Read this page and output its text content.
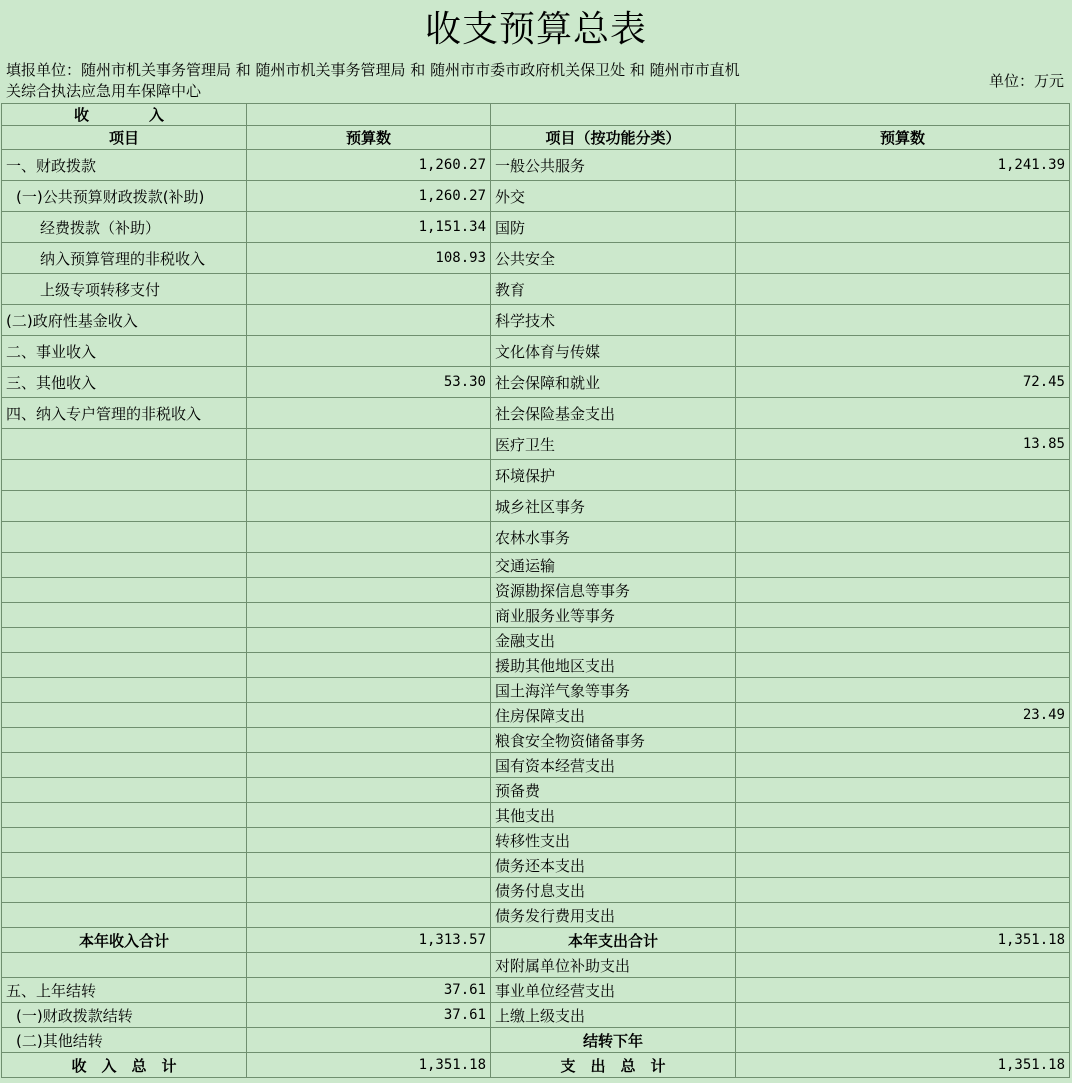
收支预算总表
填报单位：随州市机关事务管理局 和 随州市机关事务管理局 和 随州市市委市政府机关保卫处 和 随州市市直机关综合执法应急用车保障中心
单位：万元
收　　入			
项目	预算数	项目（按功能分类）	预算数
一、财政拨款	1,260.27	一般公共服务	1,241.39
(一)公共预算财政拨款(补助)	1,260.27	外交	
经费拨款（补助）	1,151.34	国防	
纳入预算管理的非税收入	108.93	公共安全	
上级专项转移支付		教育	
(二)政府性基金收入		科学技术	
二、事业收入		文化体育与传媒	
三、其他收入	53.30	社会保障和就业	72.45
四、纳入专户管理的非税收入		社会保险基金支出	
		医疗卫生	13.85
		环境保护	
		城乡社区事务	
		农林水事务	
		交通运输	
		资源勘探信息等事务	
		商业服务业等事务	
		金融支出	
		援助其他地区支出	
		国土海洋气象等事务	
		住房保障支出	23.49
		粮食安全物资储备事务	
		国有资本经营支出	
		预备费	
		其他支出	
		转移性支出	
		债务还本支出	
		债务付息支出	
		债务发行费用支出	
本年收入合计	1,313.57	本年支出合计	1,351.18
		对附属单位补助支出	
五、上年结转	37.61	事业单位经营支出	
(一)财政拨款结转	37.61	上缴上级支出	
(二)其他结转		结转下年	
收　入　总　计	1,351.18	支　出　总　计	1,351.18
